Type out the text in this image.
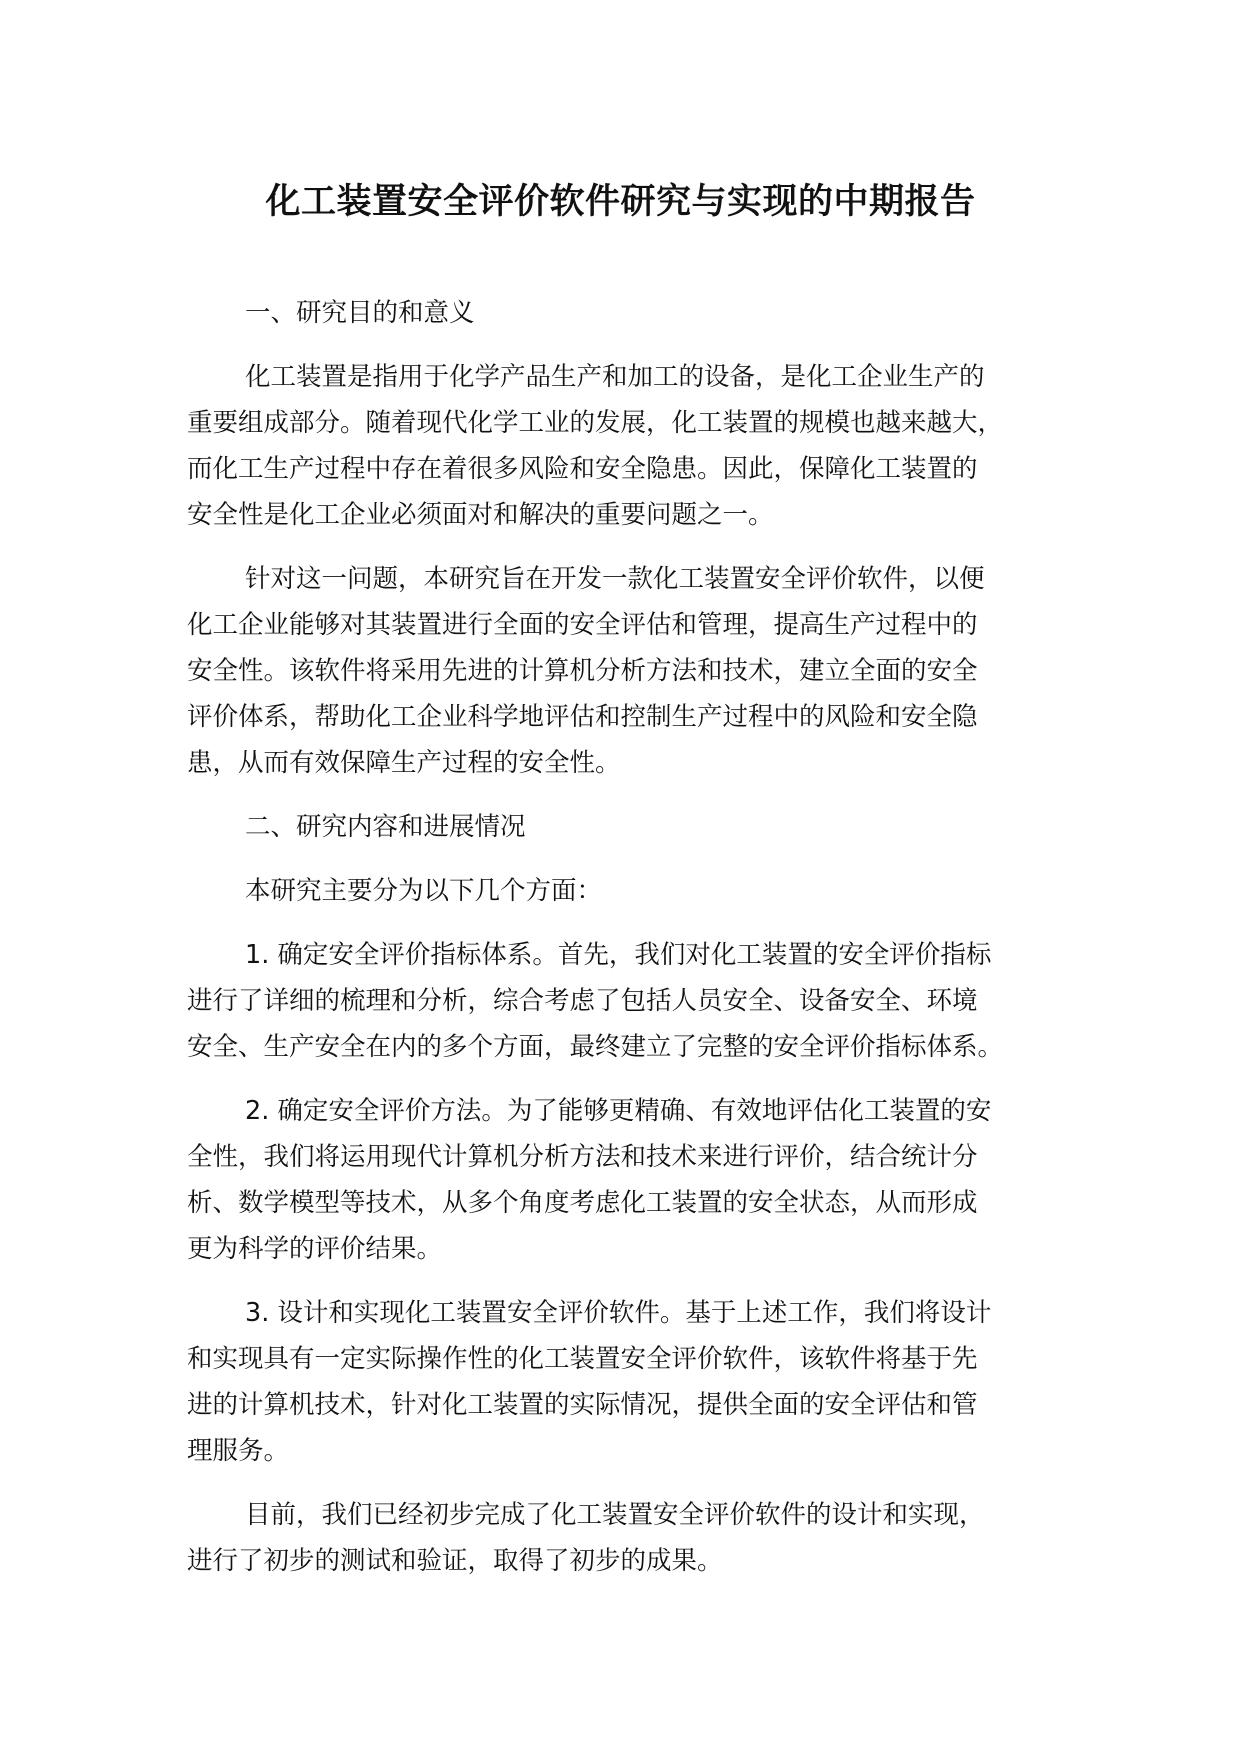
化工装置安全评价软件研究与实现的中期报告

一、研究目的和意义

化工装置是指用于化学产品生产和加工的设备，是化工企业生产的
重要组成部分。随着现代化学工业的发展，化工装置的规模也越来越大，
而化工生产过程中存在着很多风险和安全隐患。因此，保障化工装置的
安全性是化工企业必须面对和解决的重要问题之一。

针对这一问题，本研究旨在开发一款化工装置安全评价软件，以便
化工企业能够对其装置进行全面的安全评估和管理，提高生产过程中的
安全性。该软件将采用先进的计算机分析方法和技术，建立全面的安全
评价体系，帮助化工企业科学地评估和控制生产过程中的风险和安全隐
患，从而有效保障生产过程的安全性。

二、研究内容和进展情况

本研究主要分为以下几个方面：

1. 确定安全评价指标体系。首先，我们对化工装置的安全评价指标
进行了详细的梳理和分析，综合考虑了包括人员安全、设备安全、环境
安全、生产安全在内的多个方面，最终建立了完整的安全评价指标体系。

2. 确定安全评价方法。为了能够更精确、有效地评估化工装置的安
全性，我们将运用现代计算机分析方法和技术来进行评价，结合统计分
析、数学模型等技术，从多个角度考虑化工装置的安全状态，从而形成
更为科学的评价结果。

3. 设计和实现化工装置安全评价软件。基于上述工作，我们将设计
和实现具有一定实际操作性的化工装置安全评价软件，该软件将基于先
进的计算机技术，针对化工装置的实际情况，提供全面的安全评估和管
理服务。

目前，我们已经初步完成了化工装置安全评价软件的设计和实现，
进行了初步的测试和验证，取得了初步的成果。
